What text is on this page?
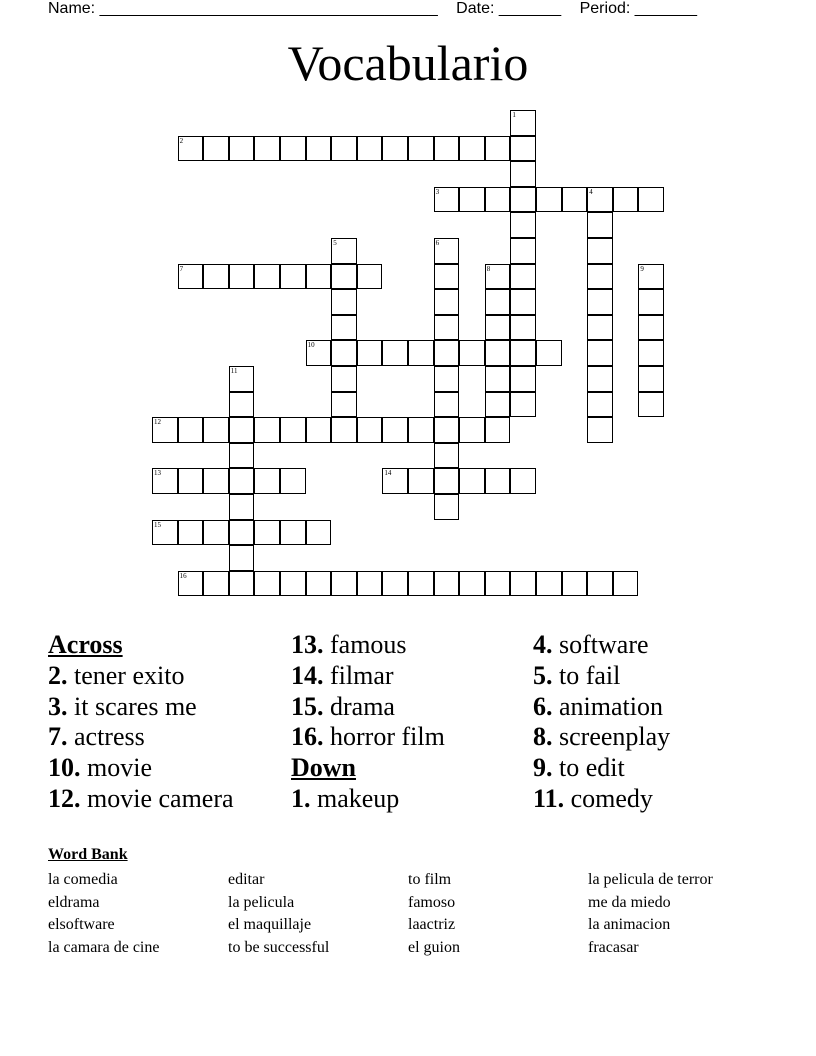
Name: ______________________________________ Date: _______ Period: _______
Vocabulario
1
2
3	4
5	6
7	8	9
10
11
12
13	14
15
16
Across
2. tener exito
3. it scares me
7. actress
10. movie
12. movie camera
13. famous
14. filmar
15. drama
16. horror film
Down
1. makeup
4. software
5. to fail
6. animation
8. screenplay
9. to edit
11. comedy
Word Bank
la comedia
eldrama
elsoftware
la camara de cine
editar
la pelicula
el maquillaje
to be successful
to film
famoso
laactriz
el guion
la pelicula de terror
me da miedo
la animacion
fracasar
